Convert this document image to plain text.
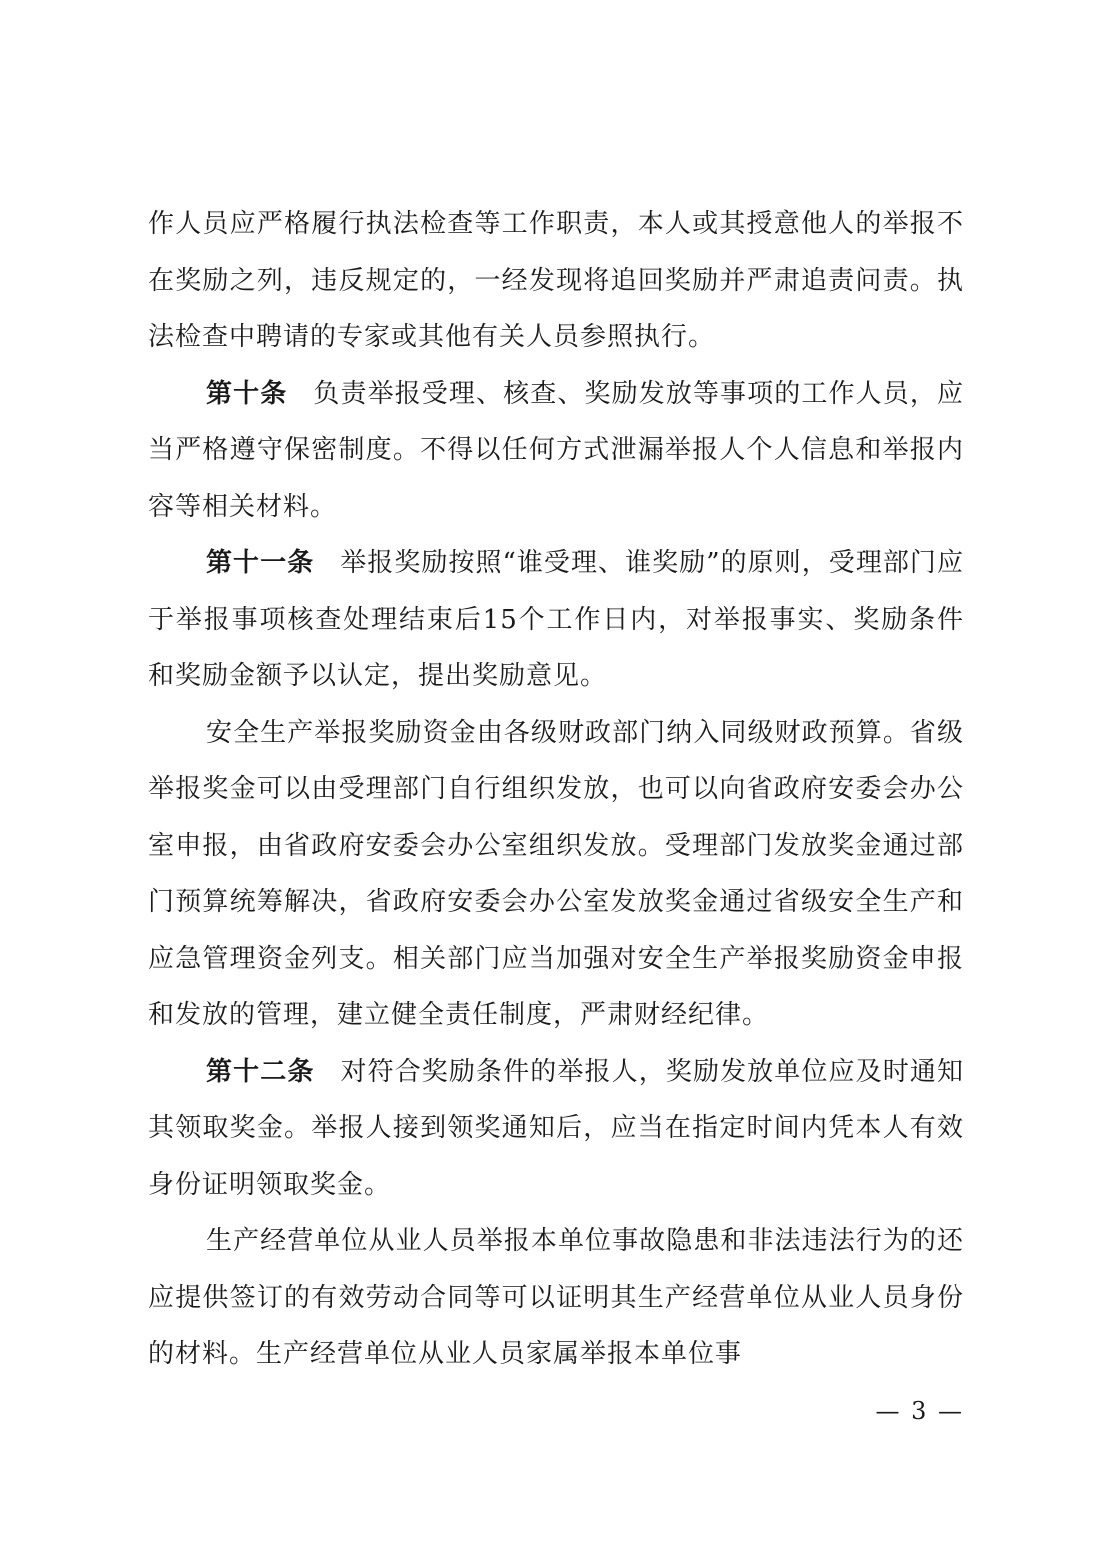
作人员应严格履行执法检查等工作职责，本人或其授意他人的举报不在奖励之列，违反规定的，一经发现将追回奖励并严肃追责问责。执法检查中聘请的专家或其他有关人员参照执行。

第十条 负责举报受理、核查、奖励发放等事项的工作人员，应当严格遵守保密制度。不得以任何方式泄漏举报人个人信息和举报内容等相关材料。

第十一条 举报奖励按照“谁受理、谁奖励”的原则，受理部门应于举报事项核查处理结束后15个工作日内，对举报事实、奖励条件和奖励金额予以认定，提出奖励意见。

安全生产举报奖励资金由各级财政部门纳入同级财政预算。省级举报奖金可以由受理部门自行组织发放，也可以向省政府安委会办公室申报，由省政府安委会办公室组织发放。受理部门发放奖金通过部门预算统筹解决，省政府安委会办公室发放奖金通过省级安全生产和应急管理资金列支。相关部门应当加强对安全生产举报奖励资金申报和发放的管理，建立健全责任制度，严肃财经纪律。

第十二条 对符合奖励条件的举报人，奖励发放单位应及时通知其领取奖金。举报人接到领奖通知后，应当在指定时间内凭本人有效身份证明领取奖金。

生产经营单位从业人员举报本单位事故隐患和非法违法行为的还应提供签订的有效劳动合同等可以证明其生产经营单位从业人员身份的材料。生产经营单位从业人员家属举报本单位事

— 3 —
